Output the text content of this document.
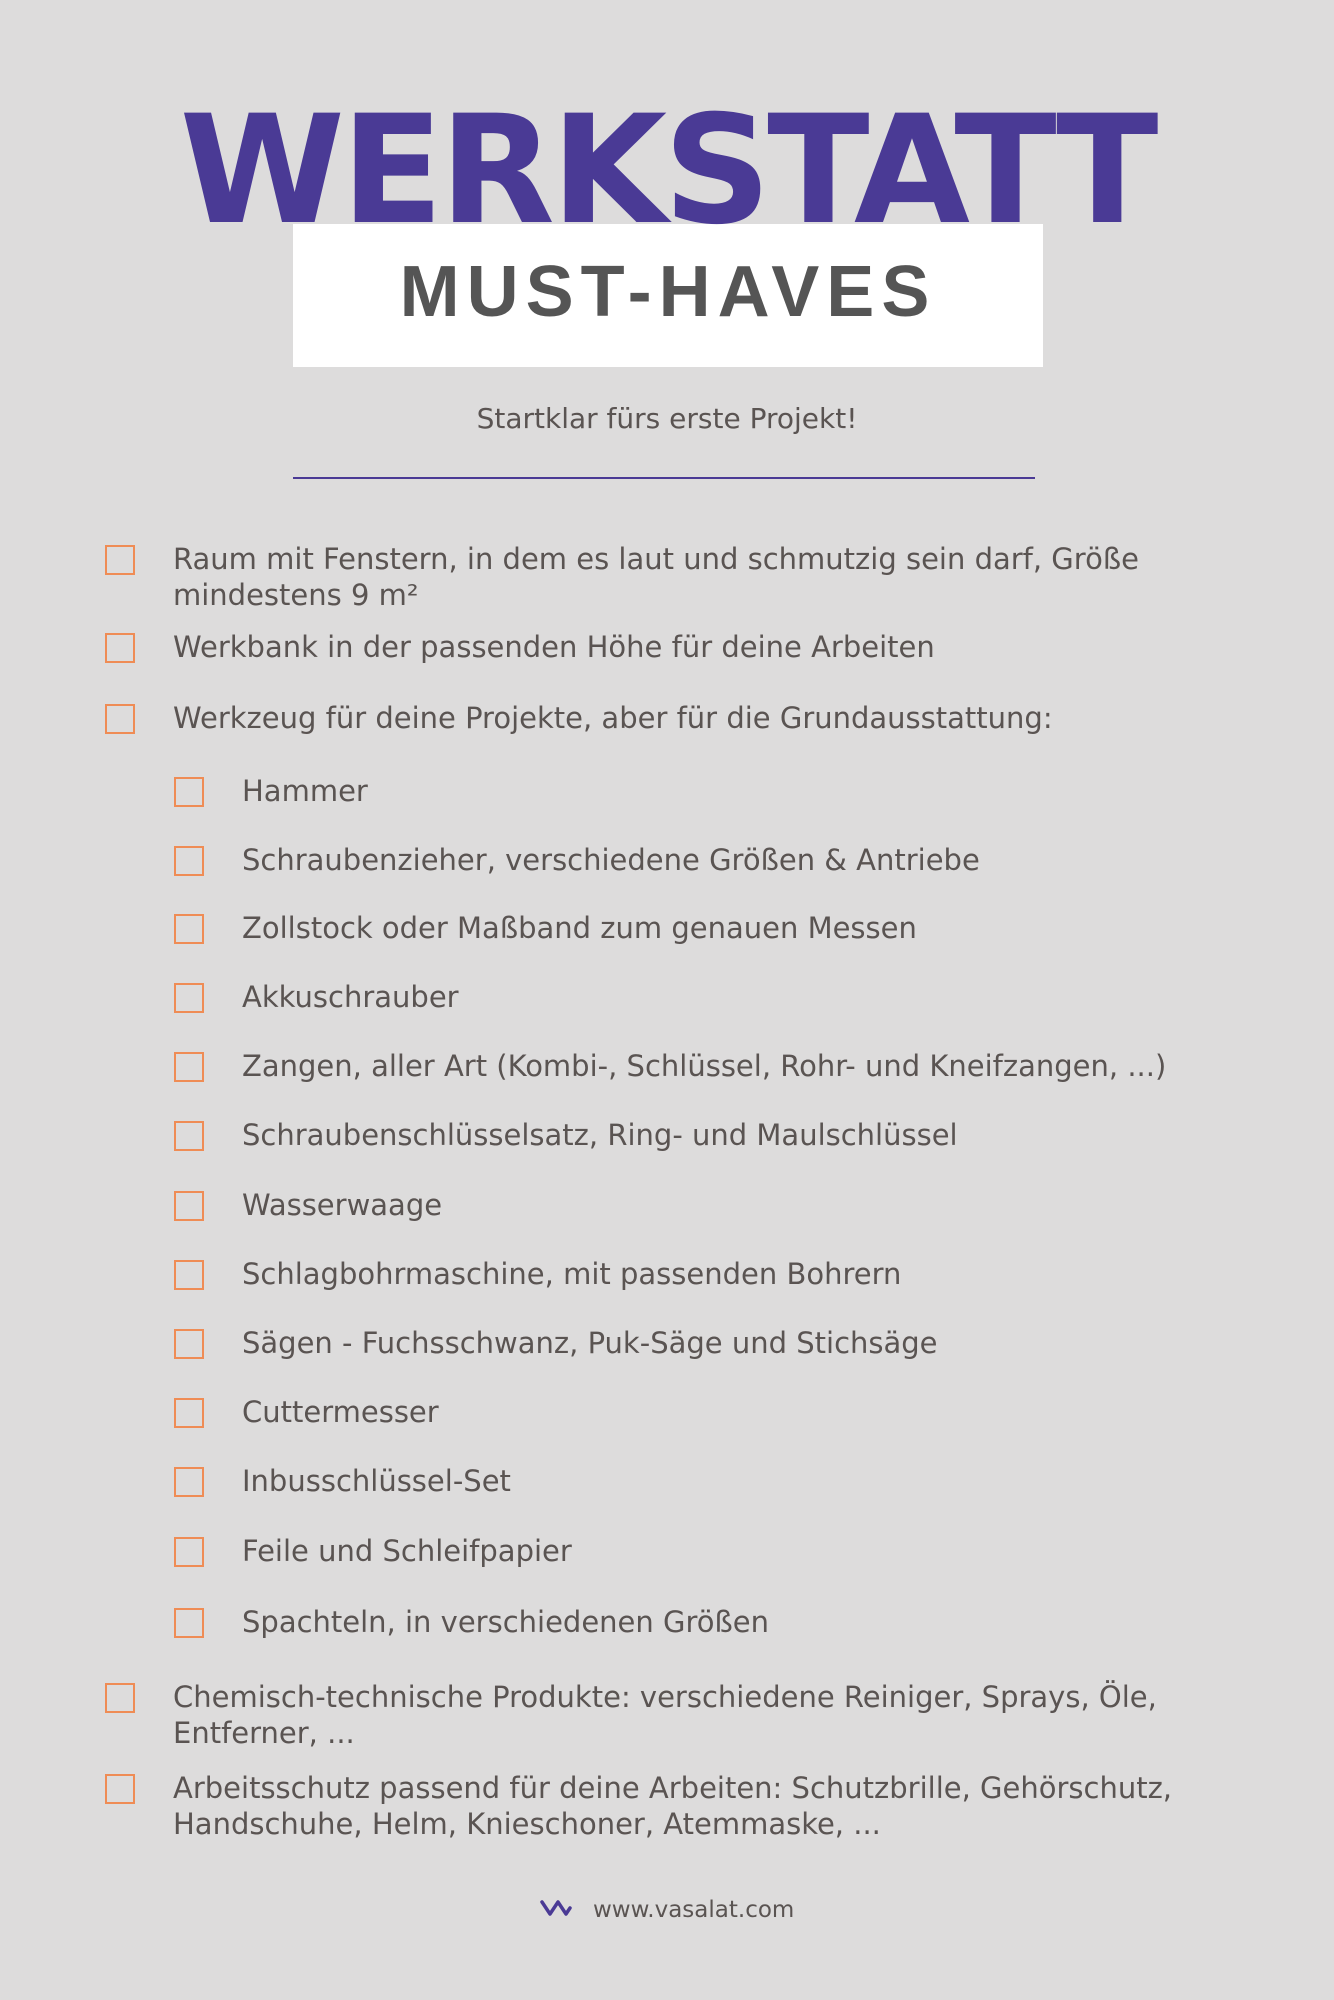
WERKSTATT
MUST-HAVES
Startklar fürs erste Projekt!
Raum mit Fenstern, in dem es laut und schmutzig sein darf, Größe mindestens 9 m²
Werkbank in der passenden Höhe für deine Arbeiten
Werkzeug für deine Projekte, aber für die Grundausstattung:
Hammer
Schraubenzieher, verschiedene Größen & Antriebe
Zollstock oder Maßband zum genauen Messen
Akkuschrauber
Zangen, aller Art (Kombi-, Schlüssel, Rohr- und Kneifzangen, ...)
Schraubenschlüsselsatz, Ring- und Maulschlüssel
Wasserwaage
Schlagbohrmaschine, mit passenden Bohrern
Sägen - Fuchsschwanz, Puk-Säge und Stichsäge
Cuttermesser
Inbusschlüssel-Set
Feile und Schleifpapier
Spachteln, in verschiedenen Größen
Chemisch-technische Produkte: verschiedene Reiniger, Sprays, Öle, Entferner, ...
Arbeitsschutz passend für deine Arbeiten: Schutzbrille, Gehörschutz, Handschuhe, Helm, Knieschoner, Atemmaske, ...
www.vasalat.com
